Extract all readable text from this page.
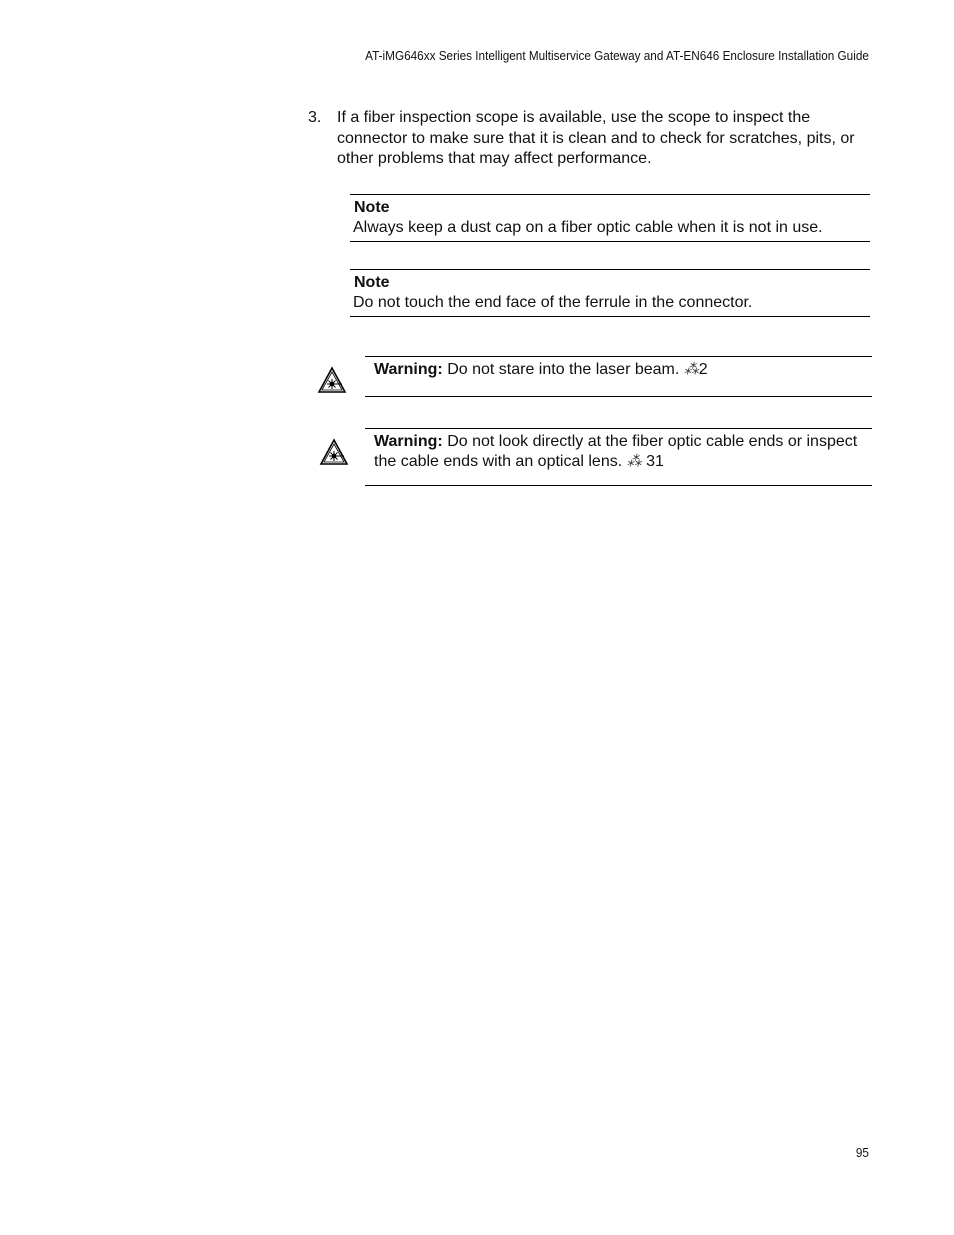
AT-iMG646xx Series Intelligent Multiservice Gateway and AT-EN646 Enclosure Installation Guide
3. If a fiber inspection scope is available, use the scope to inspect the connector to make sure that it is clean and to check for scratches, pits, or other problems that may affect performance.
Note
Always keep a dust cap on a fiber optic cable when it is not in use.
Note
Do not touch the end face of the ferrule in the connector.
Warning: Do not stare into the laser beam. ⁂2
Warning: Do not look directly at the fiber optic cable ends or inspect the cable ends with an optical lens. ⁂ 31
95
